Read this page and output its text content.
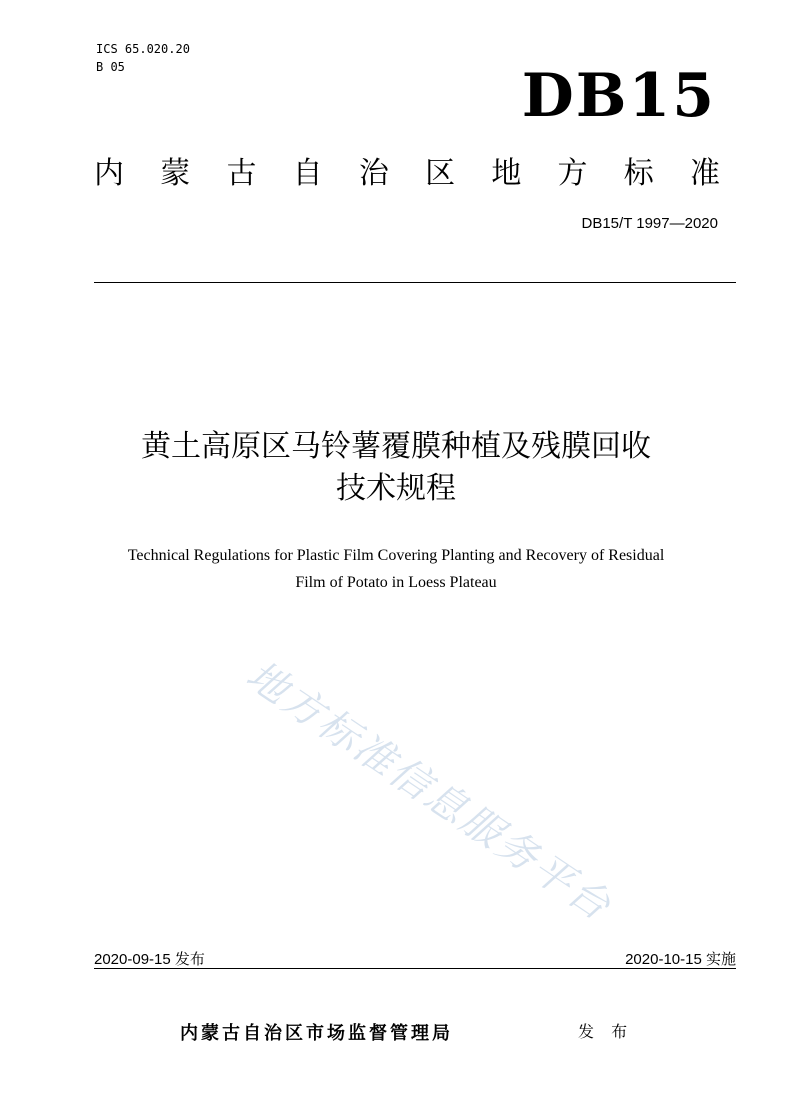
ICS 65.020.20
B 05	DB15
内 蒙 古 自 治 区 地 方 标 准
DB15/T 1997—2020
黄土高原区马铃薯覆膜种植及残膜回收
技术规程
Technical Regulations for Plastic Film Covering Planting and Recovery of Residual
Film of Potato in Loess Plateau
地方标准信息服务平台
2020-09-15 发布	2020-10-15 实施
内蒙古自治区市场监督管理局	发 布
